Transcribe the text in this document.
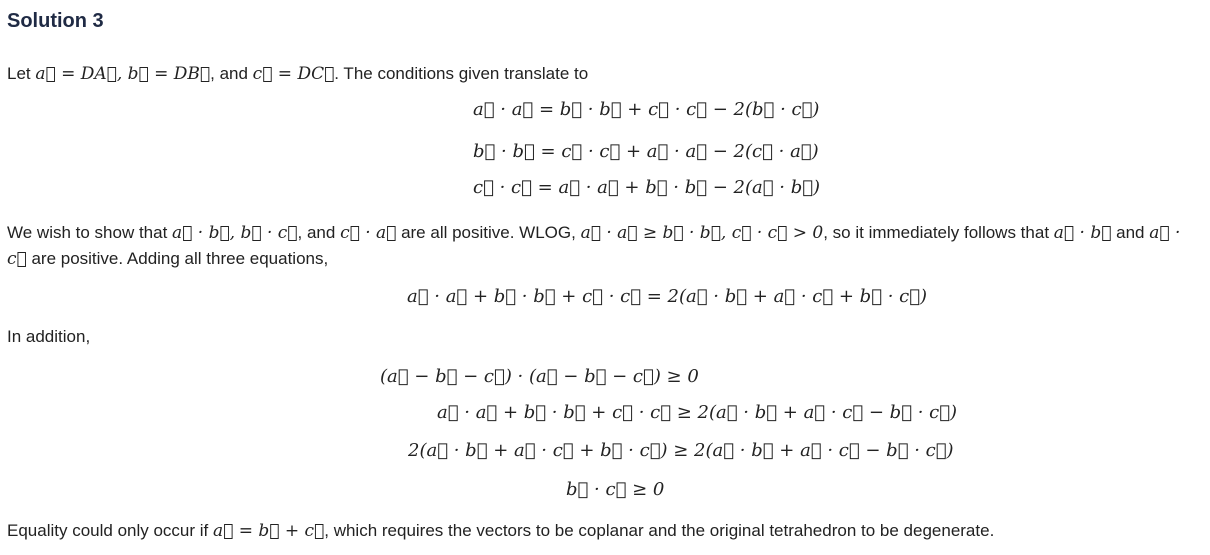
Solution 3

Let a⃗ = DA⃗, b⃗ = DB⃗, and c⃗ = DC⃗. The conditions given translate to

a⃗ · a⃗ = b⃗ · b⃗ + c⃗ · c⃗ − 2(b⃗ · c⃗)
b⃗ · b⃗ = c⃗ · c⃗ + a⃗ · a⃗ − 2(c⃗ · a⃗)
c⃗ · c⃗ = a⃗ · a⃗ + b⃗ · b⃗ − 2(a⃗ · b⃗)

We wish to show that a⃗ · b⃗, b⃗ · c⃗, and c⃗ · a⃗ are all positive. WLOG, a⃗ · a⃗ ≥ b⃗ · b⃗, c⃗ · c⃗ > 0, so it immediately follows that a⃗ · b⃗ and a⃗ · c⃗ are positive. Adding all three equations,

a⃗ · a⃗ + b⃗ · b⃗ + c⃗ · c⃗ = 2(a⃗ · b⃗ + a⃗ · c⃗ + b⃗ · c⃗)

In addition,

(a⃗ − b⃗ − c⃗) · (a⃗ − b⃗ − c⃗) ≥ 0
a⃗ · a⃗ + b⃗ · b⃗ + c⃗ · c⃗ ≥ 2(a⃗ · b⃗ + a⃗ · c⃗ − b⃗ · c⃗)
2(a⃗ · b⃗ + a⃗ · c⃗ + b⃗ · c⃗) ≥ 2(a⃗ · b⃗ + a⃗ · c⃗ − b⃗ · c⃗)
b⃗ · c⃗ ≥ 0

Equality could only occur if a⃗ = b⃗ + c⃗, which requires the vectors to be coplanar and the original tetrahedron to be degenerate.
